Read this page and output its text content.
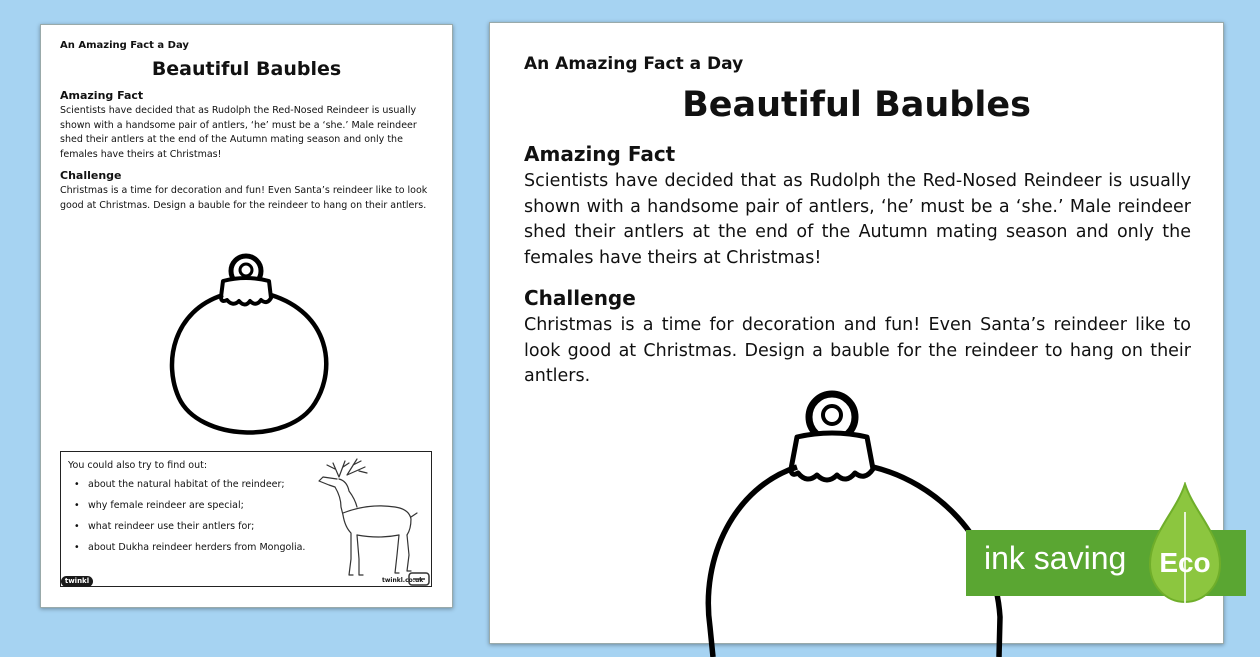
An Amazing Fact a Day
Beautiful Baubles
Amazing Fact
Scientists have decided that as Rudolph the Red-Nosed Reindeer is usually shown with a handsome pair of antlers, ‘he’ must be a ‘she.’ Male reindeer shed their antlers at the end of the Autumn mating season and only the females have theirs at Christmas!
Challenge
Christmas is a time for decoration and fun! Even Santa’s reindeer like to look good at Christmas. Design a bauble for the reindeer to hang on their antlers.
You could also try to find out:
• about the natural habitat of the reindeer;
• why female reindeer are special;
• what reindeer use their antlers for;
• about Dukha reindeer herders from Mongolia.
twinkl	twinkl.co.uk
An Amazing Fact a Day
Beautiful Baubles
Amazing Fact
Scientists have decided that as Rudolph the Red-Nosed Reindeer is usually shown with a handsome pair of antlers, ‘he’ must be a ‘she.’ Male reindeer shed their antlers at the end of the Autumn mating season and only the females have theirs at Christmas!
Challenge
Christmas is a time for decoration and fun! Even Santa’s reindeer like to look good at Christmas. Design a bauble for the reindeer to hang on their antlers.
ink saving Eco
